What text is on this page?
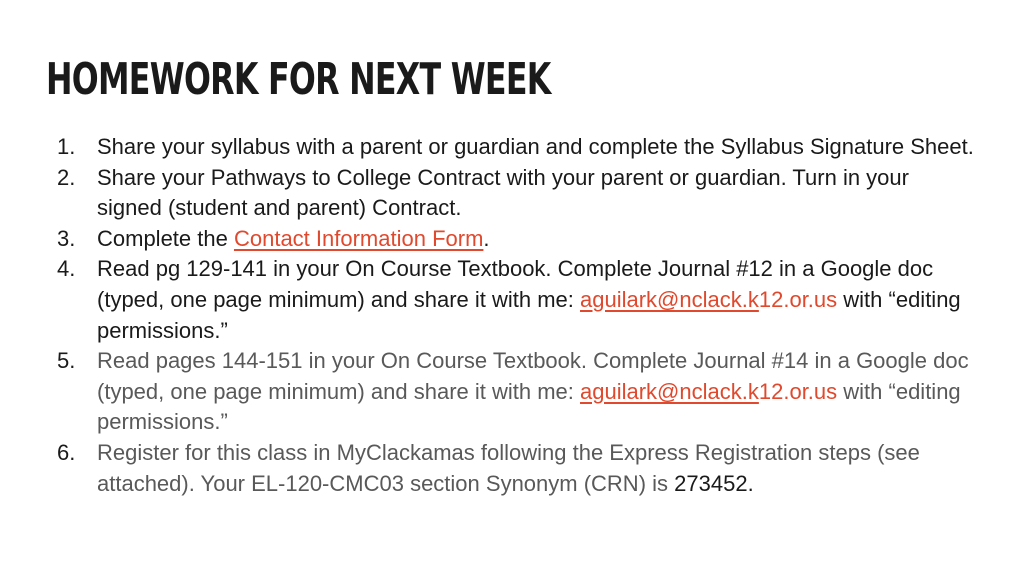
HOMEWORK FOR NEXT WEEK
1. Share your syllabus with a parent or guardian and complete the Syllabus Signature Sheet.
2. Share your Pathways to College Contract with your parent or guardian. Turn in your signed (student and parent) Contract.
3. Complete the Contact Information Form.
4. Read pg 129-141 in your On Course Textbook. Complete Journal #12 in a Google doc (typed, one page minimum) and share it with me: aguilark@nclack.k12.or.us with “editing permissions.”
5. Read pages 144-151 in your On Course Textbook. Complete Journal #14 in a Google doc (typed, one page minimum) and share it with me: aguilark@nclack.k12.or.us with “editing permissions.”
6. Register for this class in MyClackamas following the Express Registration steps (see attached). Your EL-120-CMC03 section Synonym (CRN) is 273452.
